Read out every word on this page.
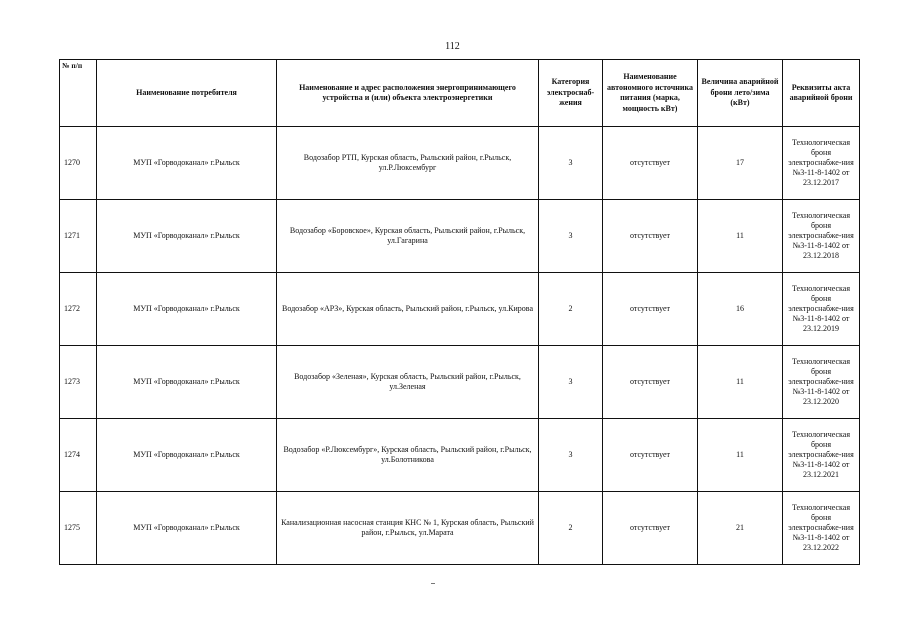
112
№ п/п	Наименование потребителя	Наименование и адрес расположения энергопринимающего устройства и (или) объекта электроэнергетики	Категория электроснаб-жения	Наименование автономного источника питания (марка, мощность кВт)	Величина аварийной брони лето/зима (кВт)	Реквизиты акта аварийной брони
1270	МУП «Горводоканал» г.Рыльск	Водозабор РТП, Курская область, Рыльский район, г.Рыльск, ул.Р.Люксембург	3	отсутствует	17	Технологическая броня электроснабже-ния №3-11-8-1402 от 23.12.2017
1271	МУП «Горводоканал» г.Рыльск	Водозабор «Боровское», Курская область, Рыльский район, г.Рыльск, ул.Гагарина	3	отсутствует	11	Технологическая броня электроснабже-ния №3-11-8-1402 от 23.12.2018
1272	МУП «Горводоканал» г.Рыльск	Водозабор «АРЗ», Курская область, Рыльский район, г.Рыльск, ул.Кирова	2	отсутствует	16	Технологическая броня электроснабже-ния №3-11-8-1402 от 23.12.2019
1273	МУП «Горводоканал» г.Рыльск	Водозабор «Зеленая», Курская область, Рыльский район, г.Рыльск, ул.Зеленая	3	отсутствует	11	Технологическая броня электроснабже-ния №3-11-8-1402 от 23.12.2020
1274	МУП «Горводоканал» г.Рыльск	Водозабор «Р.Люксембург», Курская область, Рыльский район, г.Рыльск, ул.Болотникова	3	отсутствует	11	Технологическая броня электроснабже-ния №3-11-8-1402 от 23.12.2021
1275	МУП «Горводоканал» г.Рыльск	Канализационная насосная станция КНС № 1, Курская область, Рыльский район, г.Рыльск, ул.Марата	2	отсутствует	21	Технологическая броня электроснабже-ния №3-11-8-1402 от 23.12.2022
